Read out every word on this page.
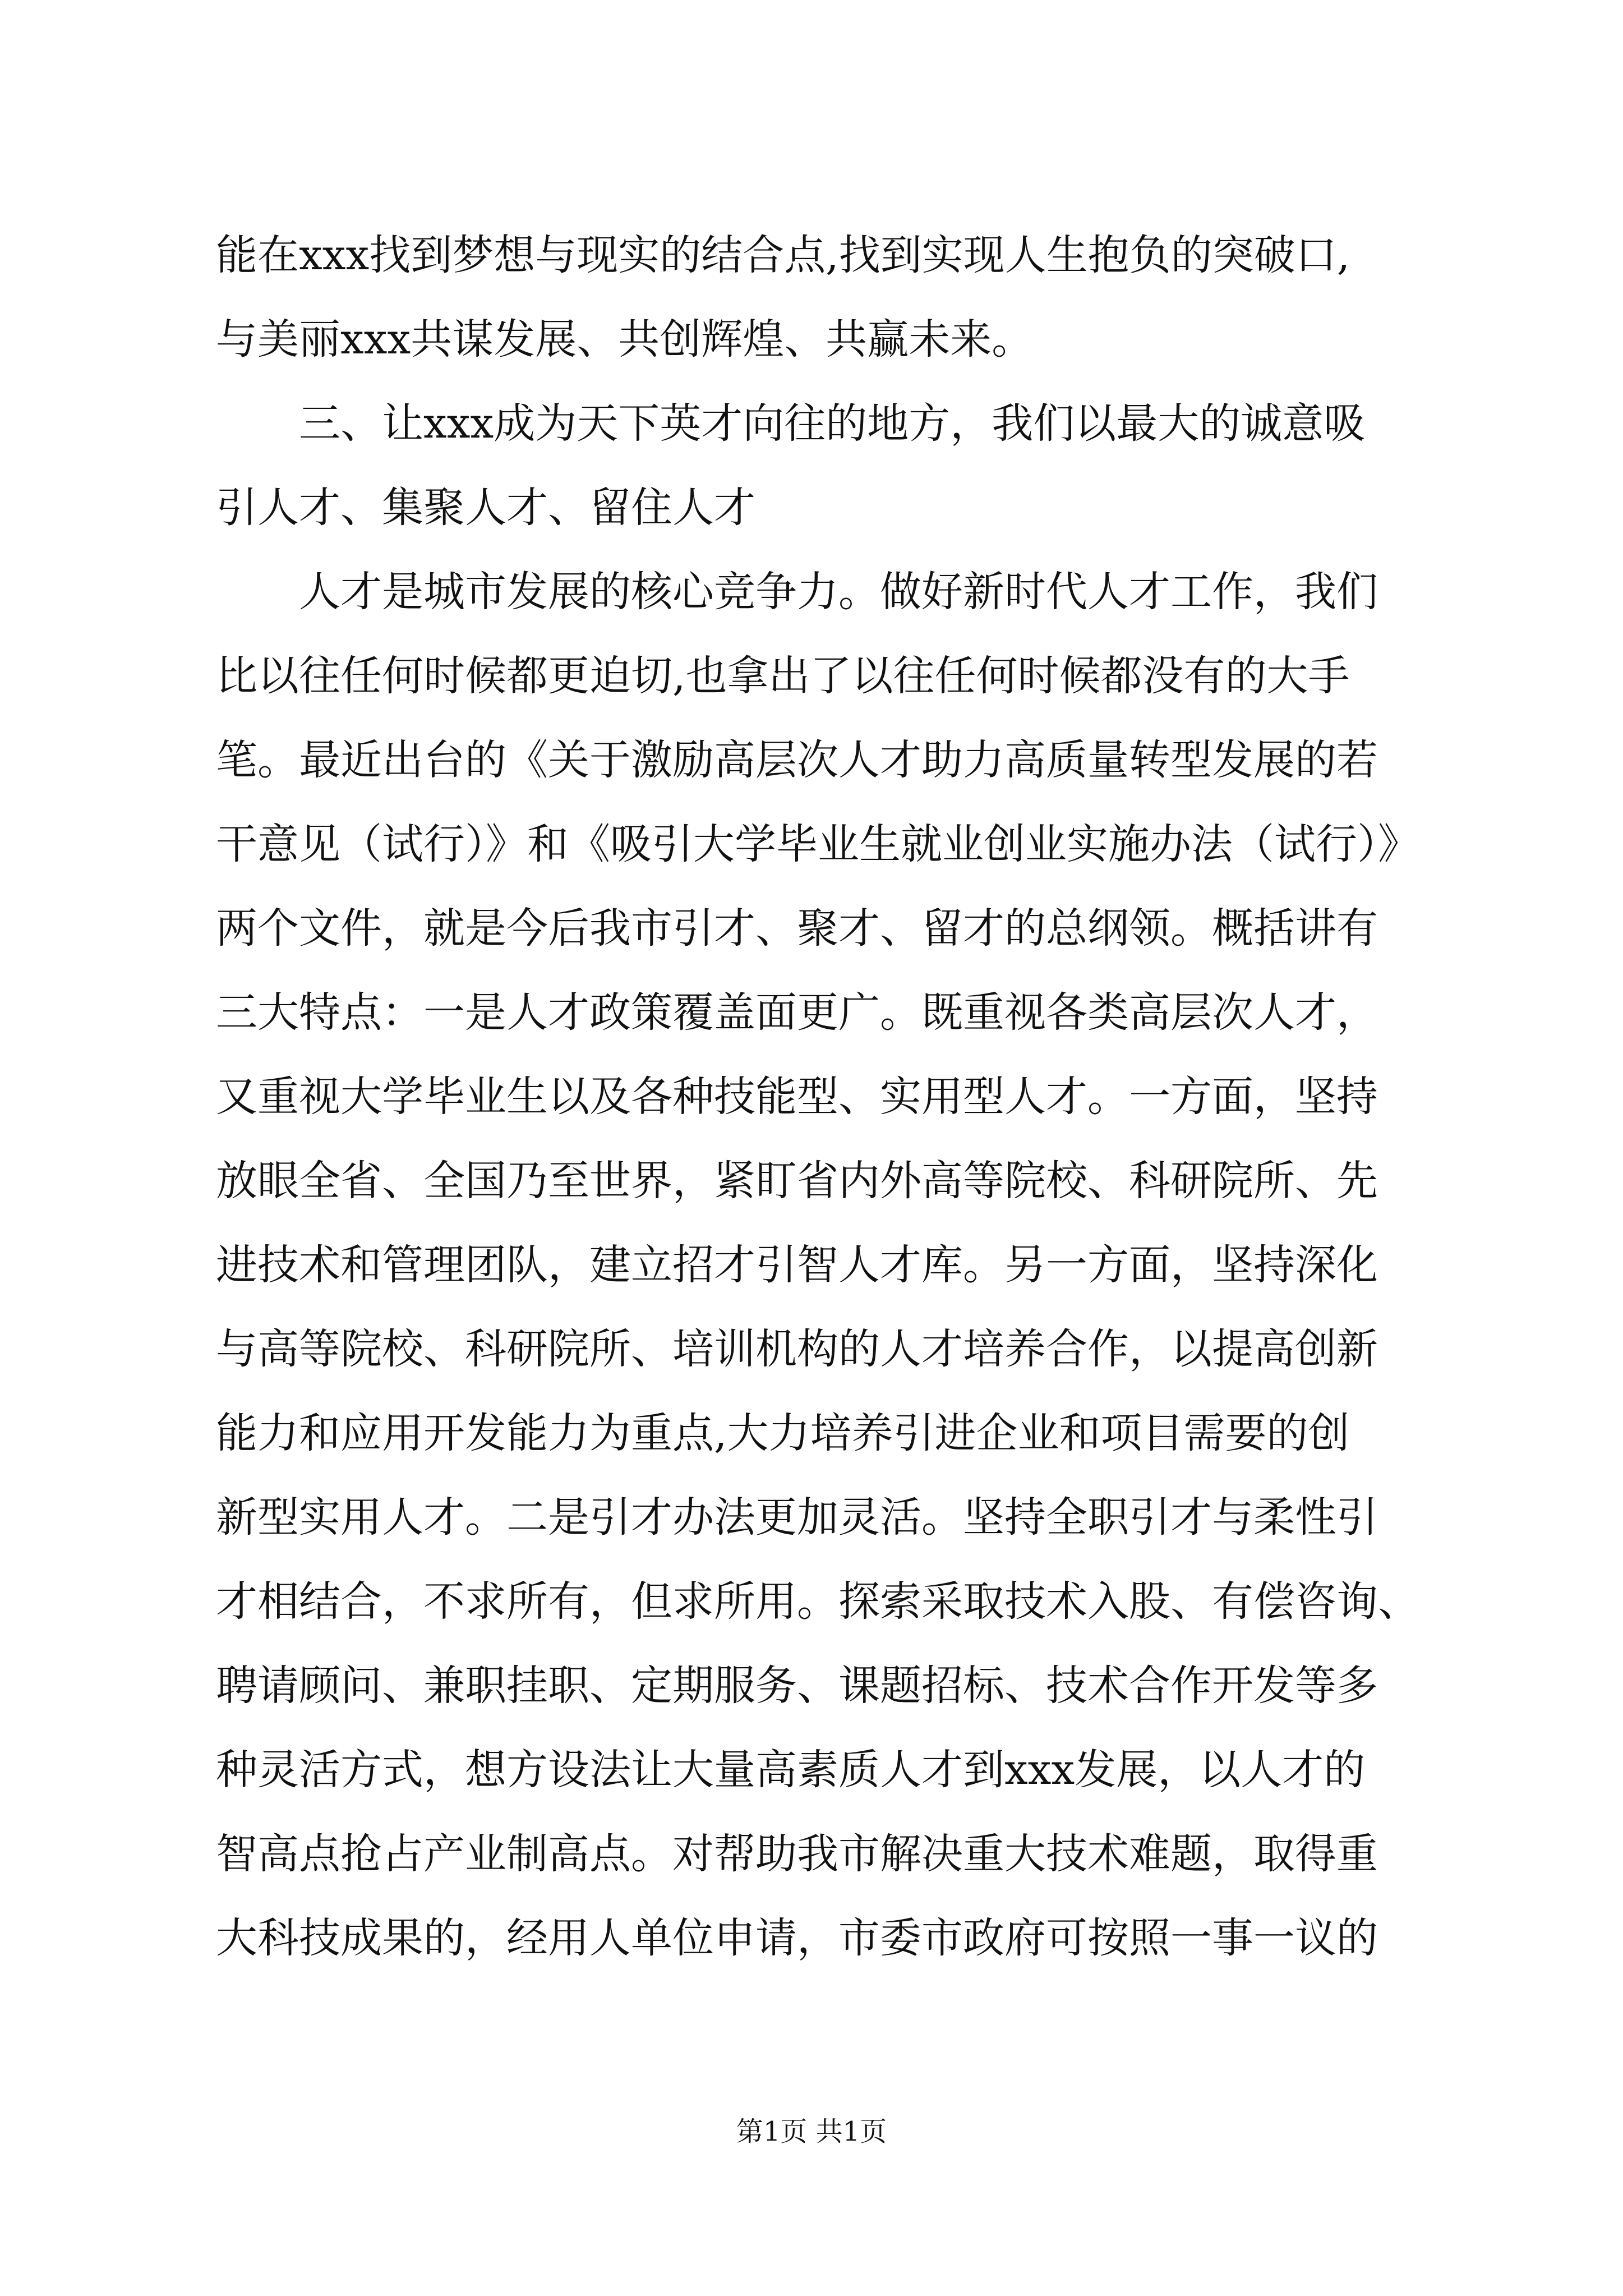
能在xxx找到梦想与现实的结合点,找到实现人生抱负的突破口,
与美丽xxx共谋发展、共创辉煌、共赢未来。
三、让xxx成为天下英才向往的地方，我们以最大的诚意吸
引人才、集聚人才、留住人才
人才是城市发展的核心竞争力。做好新时代人才工作，我们
比以往任何时候都更迫切,也拿出了以往任何时候都没有的大手
笔。最近出台的《关于激励高层次人才助力高质量转型发展的若
干意见（试行）》和《吸引大学毕业生就业创业实施办法（试行）》
两个文件，就是今后我市引才、聚才、留才的总纲领。概括讲有
三大特点：一是人才政策覆盖面更广。既重视各类高层次人才，
又重视大学毕业生以及各种技能型、实用型人才。一方面，坚持
放眼全省、全国乃至世界，紧盯省内外高等院校、科研院所、先
进技术和管理团队，建立招才引智人才库。另一方面，坚持深化
与高等院校、科研院所、培训机构的人才培养合作，以提高创新
能力和应用开发能力为重点,大力培养引进企业和项目需要的创
新型实用人才。二是引才办法更加灵活。坚持全职引才与柔性引
才相结合，不求所有，但求所用。探索采取技术入股、有偿咨询、
聘请顾问、兼职挂职、定期服务、课题招标、技术合作开发等多
种灵活方式，想方设法让大量高素质人才到xxx发展，以人才的
智高点抢占产业制高点。对帮助我市解决重大技术难题，取得重
大科技成果的，经用人单位申请，市委市政府可按照一事一议的
第1页 共1页
